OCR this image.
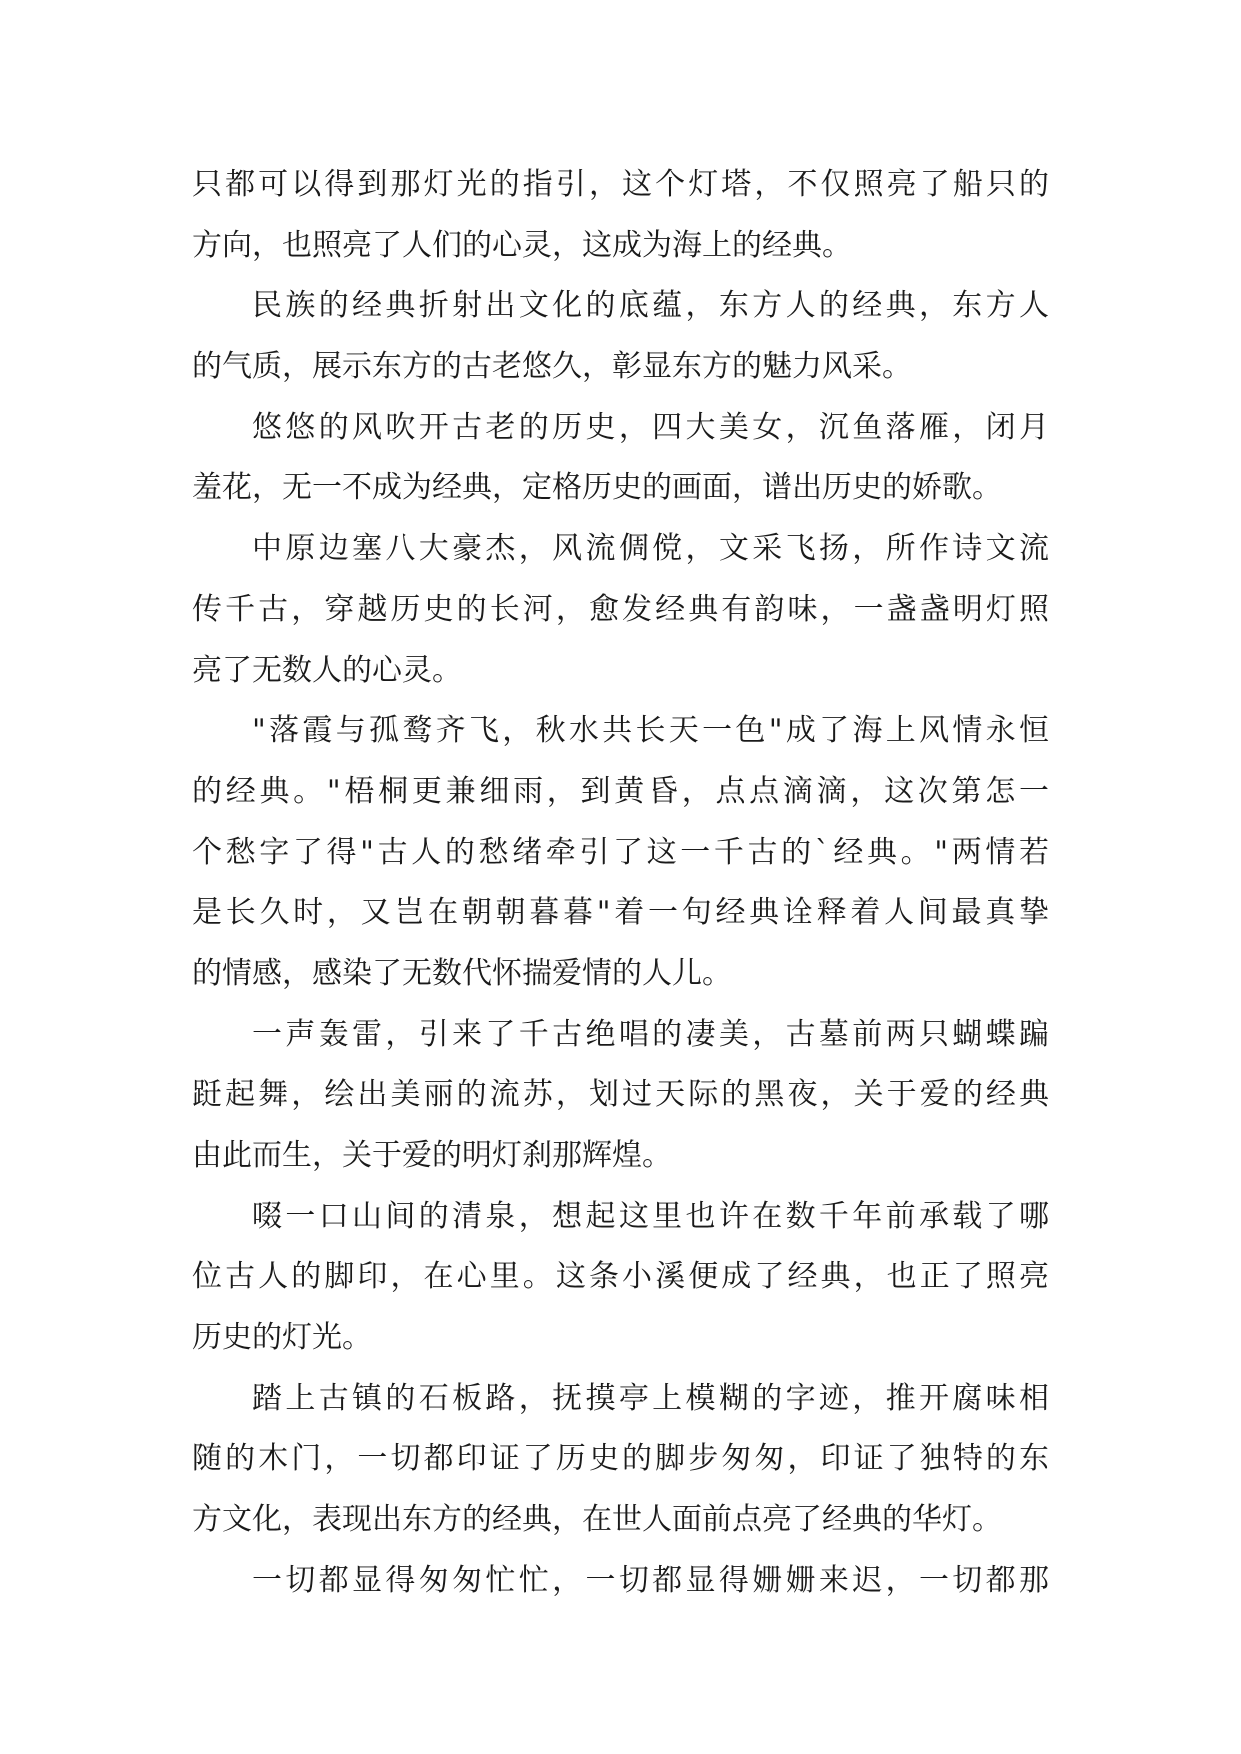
只都可以得到那灯光的指引，这个灯塔，不仅照亮了船只的
方向，也照亮了人们的心灵，这成为海上的经典。
民族的经典折射出文化的底蕴，东方人的经典，东方人
的气质，展示东方的古老悠久，彰显东方的魅力风采。
悠悠的风吹开古老的历史，四大美女，沉鱼落雁，闭月
羞花，无一不成为经典，定格历史的画面，谱出历史的娇歌。
中原边塞八大豪杰，风流倜傥，文采飞扬，所作诗文流
传千古，穿越历史的长河，愈发经典有韵味，一盏盏明灯照
亮了无数人的心灵。
"落霞与孤鹜齐飞，秋水共长天一色"成了海上风情永恒
的经典。"梧桐更兼细雨，到黄昏，点点滴滴，这次第怎一
个愁字了得"古人的愁绪牵引了这一千古的`经典。"两情若
是长久时，又岂在朝朝暮暮"着一句经典诠释着人间最真挚
的情感，感染了无数代怀揣爱情的人儿。
一声轰雷，引来了千古绝唱的凄美，古墓前两只蝴蝶蹁
跹起舞，绘出美丽的流苏，划过天际的黑夜，关于爱的经典
由此而生，关于爱的明灯刹那辉煌。
啜一口山间的清泉，想起这里也许在数千年前承载了哪
位古人的脚印，在心里。这条小溪便成了经典，也正了照亮
历史的灯光。
踏上古镇的石板路，抚摸亭上模糊的字迹，推开腐味相
随的木门，一切都印证了历史的脚步匆匆，印证了独特的东
方文化，表现出东方的经典，在世人面前点亮了经典的华灯。
一切都显得匆匆忙忙，一切都显得姗姗来迟，一切都那
